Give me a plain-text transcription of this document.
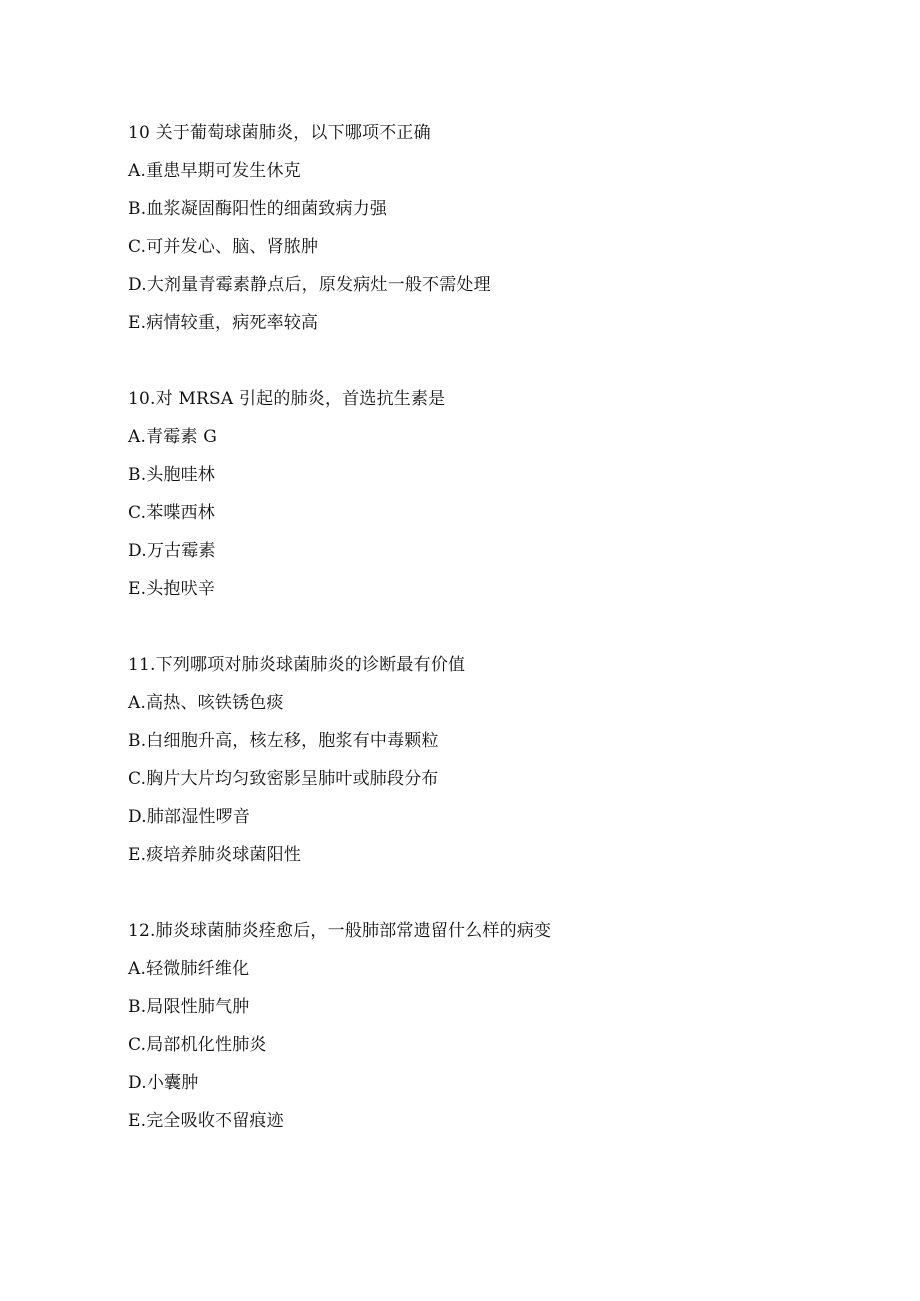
10 关于葡萄球菌肺炎，以下哪项不正确
A.重患早期可发生休克
B.血浆凝固酶阳性的细菌致病力强
C.可并发心、脑、肾脓肿
D.大剂量青霉素静点后，原发病灶一般不需处理
E.病情较重，病死率较高
10.对 MRSA 引起的肺炎，首选抗生素是
A.青霉素 G
B.头胞哇林
C.苯喋西林
D.万古霉素
E.头抱吠辛
11.下列哪项对肺炎球菌肺炎的诊断最有价值
A.高热、咳铁锈色痰
B.白细胞升高，核左移，胞浆有中毒颗粒
C.胸片大片均匀致密影呈肺叶或肺段分布
D.肺部湿性啰音
E.痰培养肺炎球菌阳性
12.肺炎球菌肺炎痊愈后，一般肺部常遗留什么样的病变
A.轻微肺纤维化
B.局限性肺气肿
C.局部机化性肺炎
D.小囊肿
E.完全吸收不留痕迹
